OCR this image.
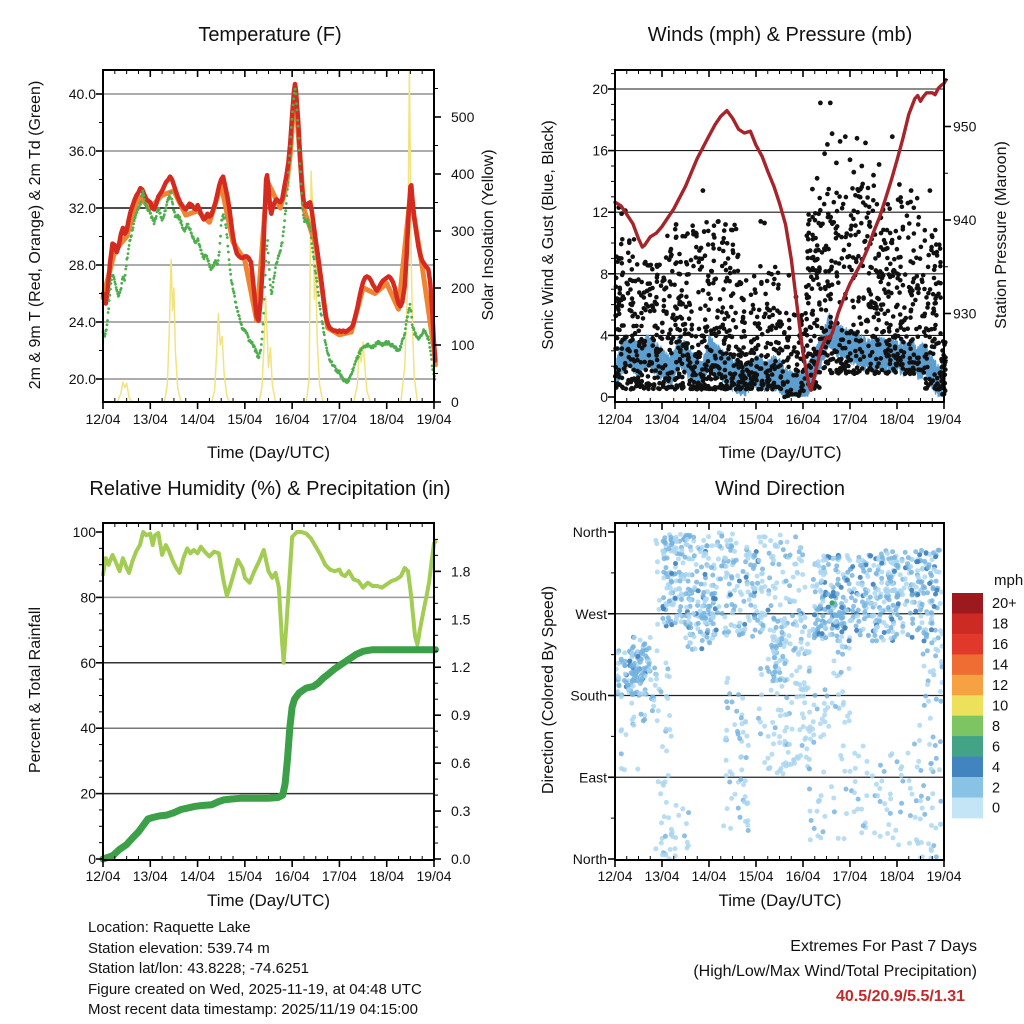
12/04 13/04 14/04 15/04 16/04 17/04 18/04 19/04
20.0
24.0
28.0
32.0
36.0
40.0
0
100
200
300
400
500
12/04 13/04 14/04 15/04 16/04 17/04 18/04 19/04
0
4
8
12
16
20
930
940
950
12/04 13/04 14/04 15/04 16/04 17/04 18/04 19/04
0
20
40
60
80
100
0.0
0.3
0.6
0.9
1.2
1.5
1.8
12/04 13/04 14/04 15/04 16/04 17/04 18/04 19/04
North
West
South
East
North
20+
18
16
14
12
10
8
6
4
2
0
Temperature (F)	Winds (mph) & Pressure (mb)
Relative Humidity (%) & Precipitation (in)	Wind Direction
Time (Day/UTC)	Time (Day/UTC)
Time (Day/UTC)	Time (Day/UTC)
2m & 9m T (Red, Orange) & 2m Td (Green)	Solar Insolation (Yellow)	Sonic Wind & Gust (Blue, Black)	Station Pressure (Maroon)
Percent & Total Rainfall	Direction (Colored By Speed)
mph
Location: Raquette Lake
Station elevation: 539.74 m
Station lat/lon: 43.8228; -74.6251
Figure created on Wed, 2025-11-19, at 04:48 UTC
Most recent data timestamp: 2025/11/19 04:15:00
Extremes For Past 7 Days
(High/Low/Max Wind/Total Precipitation)
40.5/20.9/5.5/1.31
